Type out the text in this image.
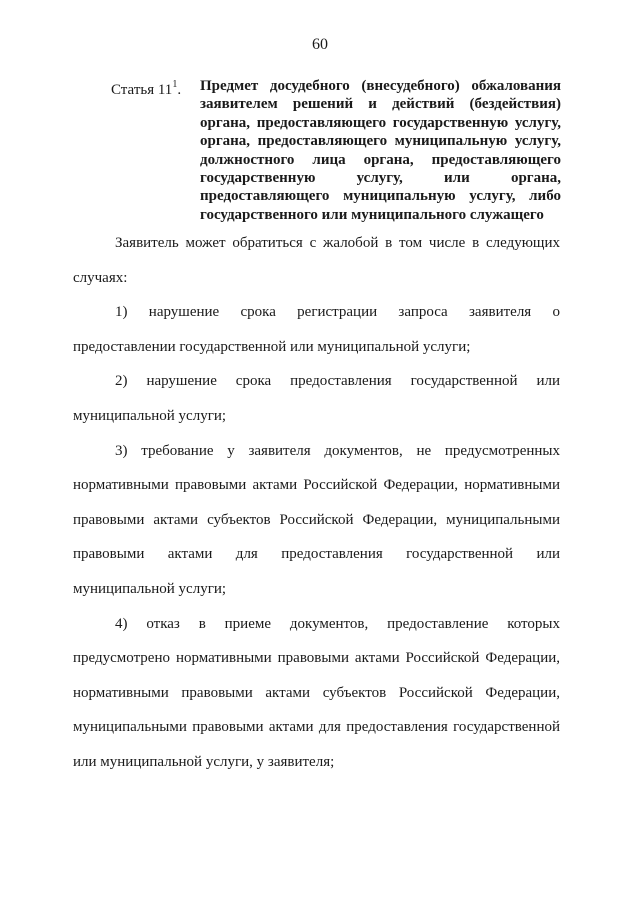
60
Статья $11^1$. Предмет досудебного (внесудебного) обжалования заявителем решений и действий (бездействия) органа, предоставляющего государственную услугу, органа, предоставляющего муниципальную услугу, должностного лица органа, предоставляющего государственную услугу, или органа, предоставляющего муниципальную услугу, либо государственного или муниципального служащего

Заявитель может обратиться с жалобой в том числе в следующих случаях:

1) нарушение срока регистрации запроса заявителя о предоставлении государственной или муниципальной услуги;

2) нарушение срока предоставления государственной или муниципальной услуги;

3) требование у заявителя документов, не предусмотренных нормативными правовыми актами Российской Федерации, нормативными правовыми актами субъектов Российской Федерации, муниципальными правовыми актами для предоставления государственной или муниципальной услуги;

4) отказ в приеме документов, предоставление которых предусмотрено нормативными правовыми актами Российской Федерации, нормативными правовыми актами субъектов Российской Федерации, муниципальными правовыми актами для предоставления государственной или муниципальной услуги, у заявителя;
